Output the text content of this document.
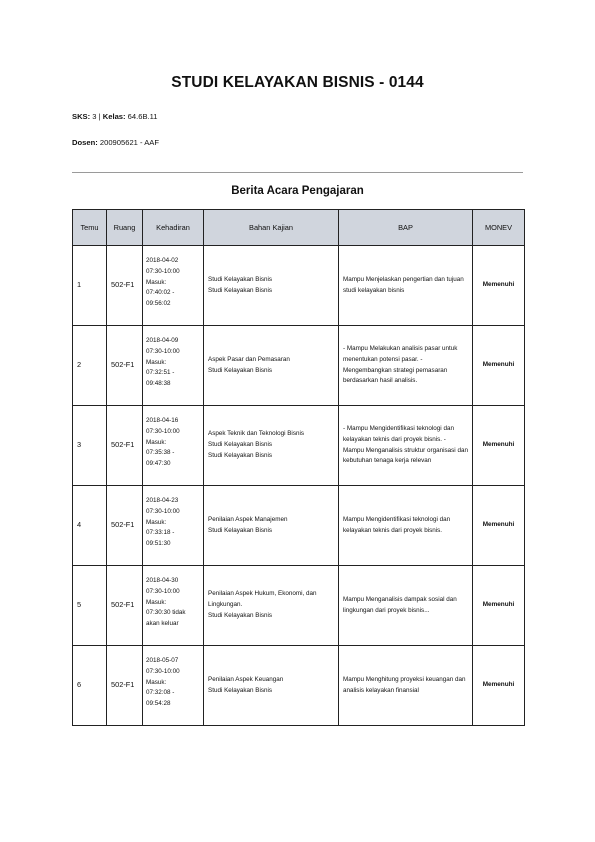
STUDI KELAYAKAN BISNIS - 0144
SKS: 3 | Kelas: 64.6B.11
Dosen: 200905621 - AAF
Berita Acara Pengajaran
Temu	Ruang	Kehadiran	Bahan Kajian	BAP	MONEV
1	502-F1	2018-04-02
07:30-10:00
Masuk:
07:40:02 -
09:56:02	Studi Kelayakan Bisnis
Studi Kelayakan Bisnis	Mampu Menjelaskan pengertian dan tujuan studi kelayakan bisnis	Memenuhi
2	502-F1	2018-04-09
07:30-10:00
Masuk:
07:32:51 -
09:48:38	Aspek Pasar dan Pemasaran
Studi Kelayakan Bisnis	- Mampu Melakukan analisis pasar untuk menentukan potensi pasar. - Mengembangkan strategi pemasaran berdasarkan hasil analisis.	Memenuhi
3	502-F1	2018-04-16
07:30-10:00
Masuk:
07:35:38 -
09:47:30	Aspek Teknik dan Teknologi Bisnis
Studi Kelayakan Bisnis
Studi Kelayakan Bisnis	- Mampu Mengidentifikasi teknologi dan kelayakan teknis dari proyek bisnis. - Mampu Menganalisis struktur organisasi dan kebutuhan tenaga kerja relevan	Memenuhi
4	502-F1	2018-04-23
07:30-10:00
Masuk:
07:33:18 -
09:51:30	Penilaian Aspek Manajemen
Studi Kelayakan Bisnis	Mampu Mengidentifikasi teknologi dan kelayakan teknis dari proyek bisnis.	Memenuhi
5	502-F1	2018-04-30
07:30-10:00
Masuk:
07:30:30 tidak
akan keluar	Penilaian Aspek Hukum, Ekonomi, dan Lingkungan.
Studi Kelayakan Bisnis	Mampu Menganalisis dampak sosial dan lingkungan dari proyek bisnis...	Memenuhi
6	502-F1	2018-05-07
07:30-10:00
Masuk:
07:32:08 -
09:54:28	Penilaian Aspek Keuangan
Studi Kelayakan Bisnis	Mampu Menghitung proyeksi keuangan dan analisis kelayakan finansial	Memenuhi
